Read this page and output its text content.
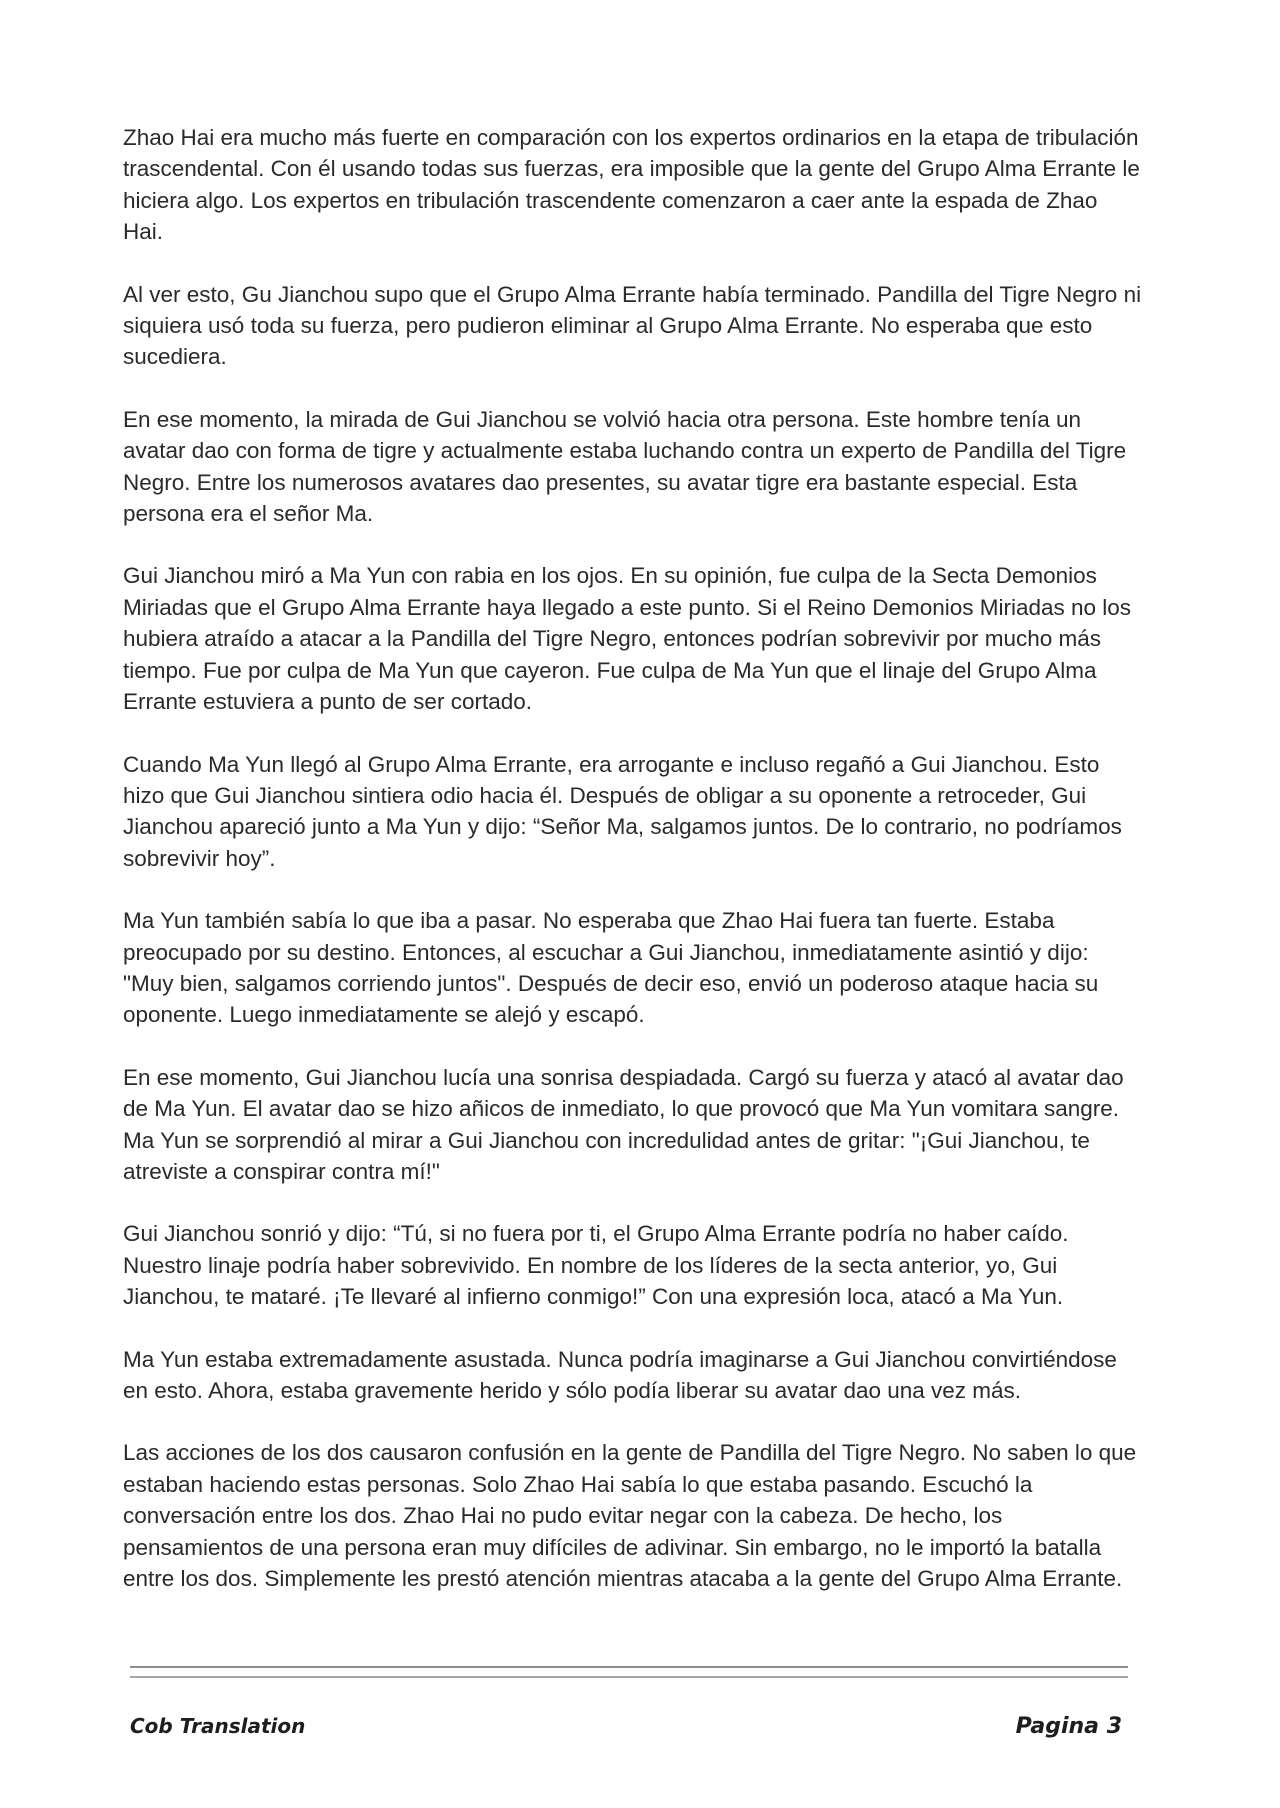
Zhao Hai era mucho más fuerte en comparación con los expertos ordinarios en la etapa de tribulación trascendental. Con él usando todas sus fuerzas, era imposible que la gente del Grupo Alma Errante le hiciera algo. Los expertos en tribulación trascendente comenzaron a caer ante la espada de Zhao Hai.

Al ver esto, Gu Jianchou supo que el Grupo Alma Errante había terminado. Pandilla del Tigre Negro ni siquiera usó toda su fuerza, pero pudieron eliminar al Grupo Alma Errante. No esperaba que esto sucediera.

En ese momento, la mirada de Gui Jianchou se volvió hacia otra persona. Este hombre tenía un avatar dao con forma de tigre y actualmente estaba luchando contra un experto de Pandilla del Tigre Negro. Entre los numerosos avatares dao presentes, su avatar tigre era bastante especial. Esta persona era el señor Ma.

Gui Jianchou miró a Ma Yun con rabia en los ojos. En su opinión, fue culpa de la Secta Demonios Miriadas que el Grupo Alma Errante haya llegado a este punto. Si el Reino Demonios Miriadas no los hubiera atraído a atacar a la Pandilla del Tigre Negro, entonces podrían sobrevivir por mucho más tiempo. Fue por culpa de Ma Yun que cayeron. Fue culpa de Ma Yun que el linaje del Grupo Alma Errante estuviera a punto de ser cortado.

Cuando Ma Yun llegó al Grupo Alma Errante, era arrogante e incluso regañó a Gui Jianchou. Esto hizo que Gui Jianchou sintiera odio hacia él. Después de obligar a su oponente a retroceder, Gui Jianchou apareció junto a Ma Yun y dijo: “Señor Ma, salgamos juntos. De lo contrario, no podríamos sobrevivir hoy”.

Ma Yun también sabía lo que iba a pasar. No esperaba que Zhao Hai fuera tan fuerte. Estaba preocupado por su destino. Entonces, al escuchar a Gui Jianchou, inmediatamente asintió y dijo: "Muy bien, salgamos corriendo juntos". Después de decir eso, envió un poderoso ataque hacia su oponente. Luego inmediatamente se alejó y escapó.

En ese momento, Gui Jianchou lucía una sonrisa despiadada. Cargó su fuerza y atacó al avatar dao de Ma Yun. El avatar dao se hizo añicos de inmediato, lo que provocó que Ma Yun vomitara sangre. Ma Yun se sorprendió al mirar a Gui Jianchou con incredulidad antes de gritar: "¡Gui Jianchou, te atreviste a conspirar contra mí!"

Gui Jianchou sonrió y dijo: “Tú, si no fuera por ti, el Grupo Alma Errante podría no haber caído. Nuestro linaje podría haber sobrevivido. En nombre de los líderes de la secta anterior, yo, Gui Jianchou, te mataré. ¡Te llevaré al infierno conmigo!” Con una expresión loca, atacó a Ma Yun.

Ma Yun estaba extremadamente asustada. Nunca podría imaginarse a Gui Jianchou convirtiéndose en esto. Ahora, estaba gravemente herido y sólo podía liberar su avatar dao una vez más.

Las acciones de los dos causaron confusión en la gente de Pandilla del Tigre Negro. No saben lo que estaban haciendo estas personas. Solo Zhao Hai sabía lo que estaba pasando. Escuchó la conversación entre los dos. Zhao Hai no pudo evitar negar con la cabeza. De hecho, los pensamientos de una persona eran muy difíciles de adivinar. Sin embargo, no le importó la batalla entre los dos. Simplemente les prestó atención mientras atacaba a la gente del Grupo Alma Errante.

Cob Translation	Pagina 3
